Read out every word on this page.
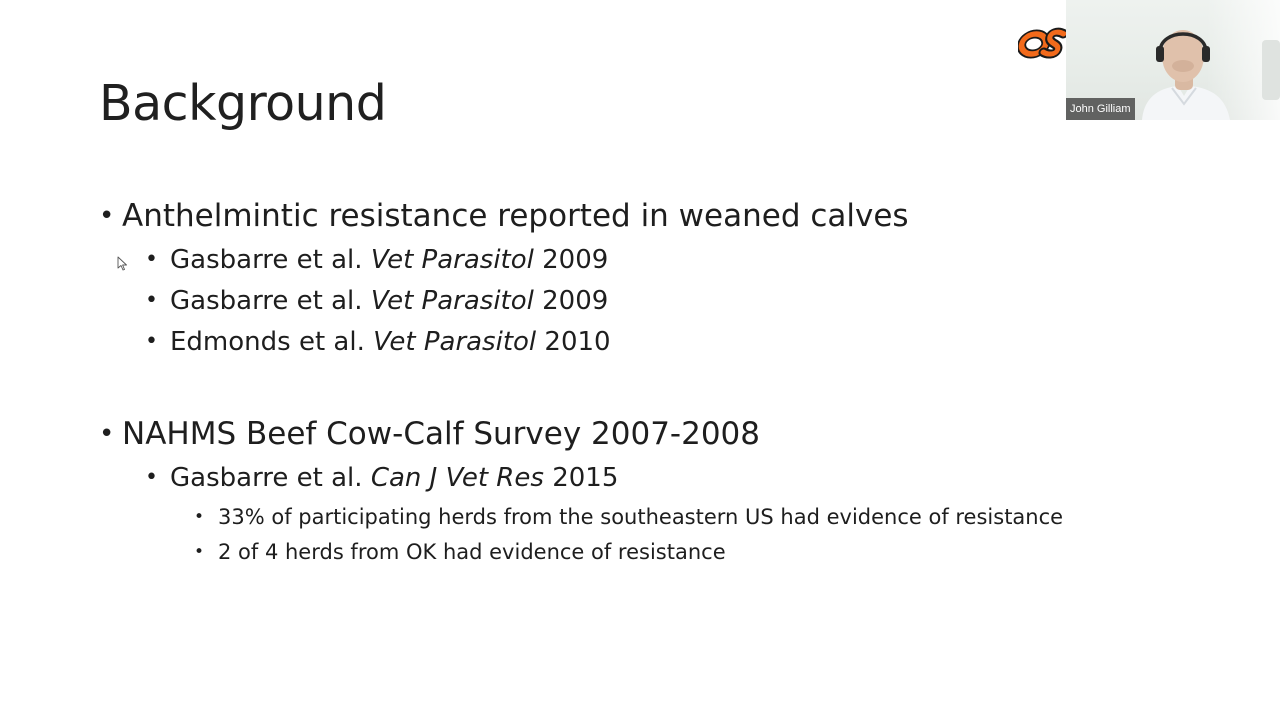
Background
• Anthelmintic resistance reported in weaned calves
• Gasbarre et al. Vet Parasitol 2009
• Gasbarre et al. Vet Parasitol 2009
• Edmonds et al. Vet Parasitol 2010
• NAHMS Beef Cow-Calf Survey 2007-2008
• Gasbarre et al. Can J Vet Res 2015
• 33% of participating herds from the southeastern US had evidence of resistance
• 2 of 4 herds from OK had evidence of resistance
John Gilliam
